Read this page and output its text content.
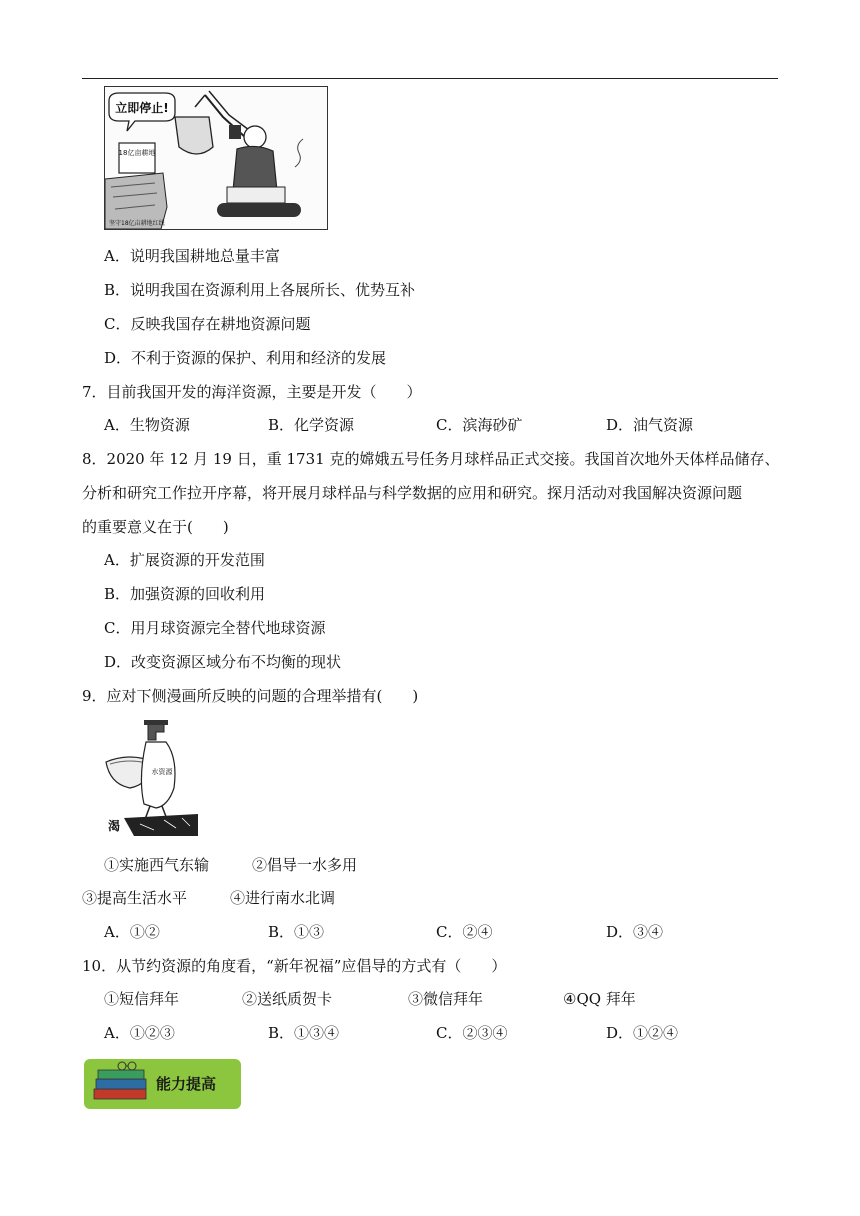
立即停止!
18亿亩耕地
坚守18亿亩耕地红线
A．说明我国耕地总量丰富
B．说明我国在资源利用上各展所长、优势互补
C．反映我国存在耕地资源问题
D．不利于资源的保护、利用和经济的发展
7．目前我国开发的海洋资源，主要是开发（　　）
A．生物资源	B．化学资源	C．滨海砂矿	D．油气资源
8．2020 年 12 月 19 日，重 1731 克的嫦娥五号任务月球样品正式交接。我国首次地外天体样品储存、
分析和研究工作拉开序幕，将开展月球样品与科学数据的应用和研究。探月活动对我国解决资源问题
的重要意义在于(　　)
A．扩展资源的开发范围
B．加强资源的回收利用
C．用月球资源完全替代地球资源
D．改变资源区域分布不均衡的现状
9．应对下侧漫画所反映的问题的合理举措有(　　)
水资源
渴
①实施西气东输	②倡导一水多用
③提高生活水平	④进行南水北调
A．①②	B．①③	C．②④	D．③④
10．从节约资源的角度看，“新年祝福”应倡导的方式有（　　）
①短信拜年	②送纸质贺卡	③微信拜年	④QQ 拜年
A．①②③	B．①③④	C．②③④	D．①②④
能力提高
